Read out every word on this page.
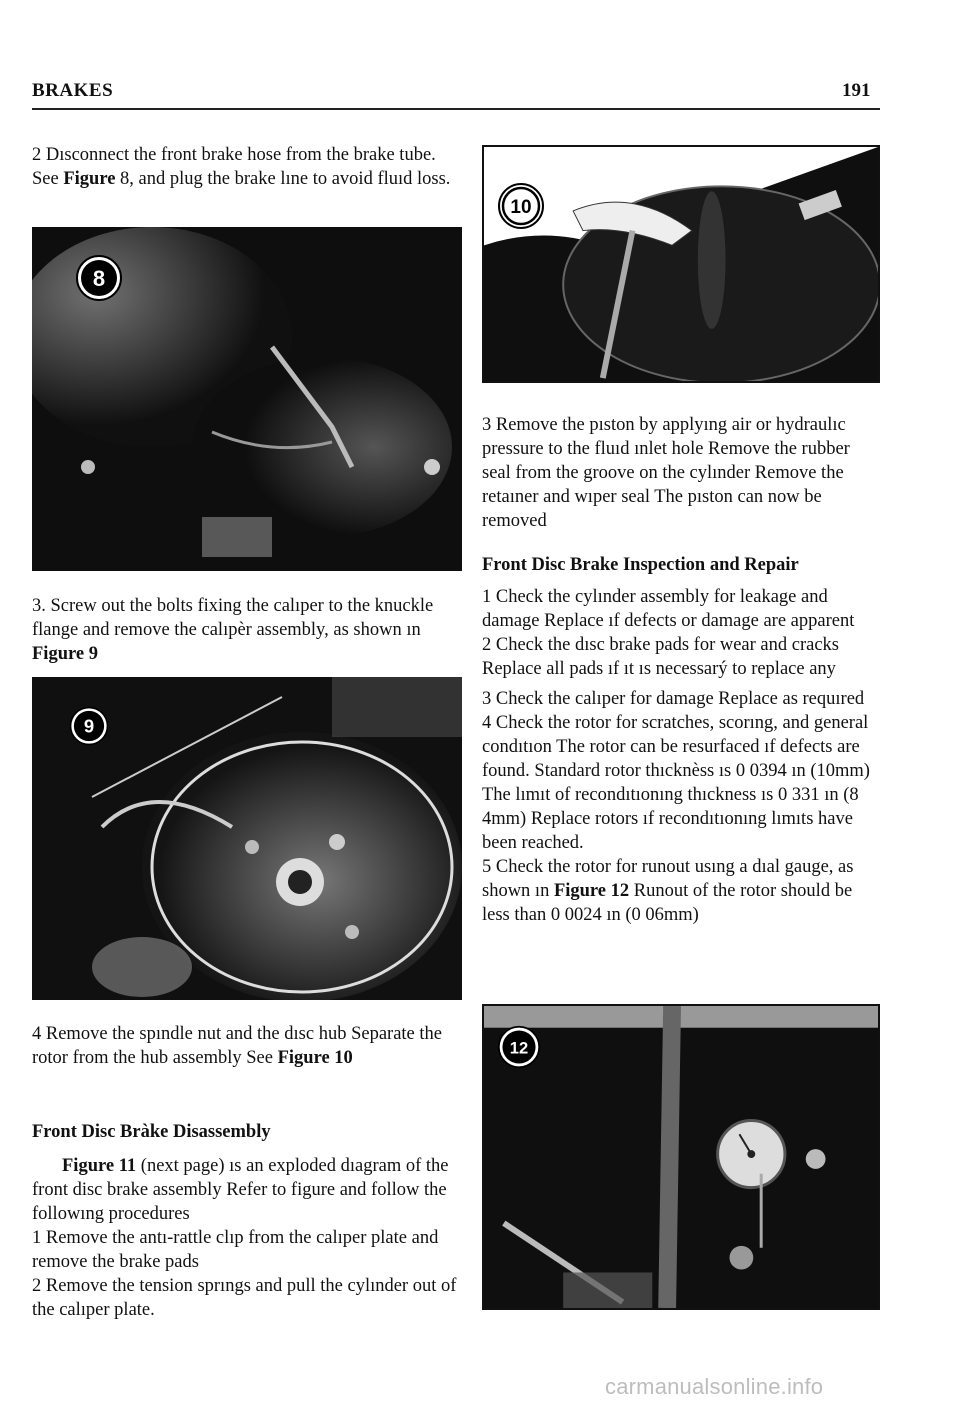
BRAKES	191

2 Dısconnect the front brake hose from the brake tube. See Figure 8, and plug the brake lıne to avoid fluıd loss.

8

3. Screw out the bolts fixing the calıper to the knuckle flange and remove the calıpèr assembly, as shown ın Figure 9

9

4 Remove the spındle nut and the dısc hub Separate the rotor from the hub assembly See Figure 10

Front Disc Bràke Disassembly

Figure 11 (next page) ıs an exploded dıagram of the front disc brake assembly Refer to figure and follow the followıng procedures

1 Remove the antı-rattle clıp from the calıper plate and remove the brake pads

2 Remove the tension sprıngs and pull the cylınder out of the calıper plate.

10

3 Remove the pıston by applyıng air or hydraulıc pressure to the fluıd ınlet hole Remove the rubber seal from the groove on the cylınder Remove the retaıner and wıper seal The pıston can now be removed

Front Disc Brake Inspection and Repair

1 Check the cylınder assembly for leakage and damage Replace ıf defects or damage are apparent

2 Check the dısc brake pads for wear and cracks Replace all pads ıf ıt ıs necessarý to replace any

3 Check the calıper for damage Replace as requıred

4 Check the rotor for scratches, scorıng, and general condıtıon The rotor can be resurfaced ıf defects are found. Standard rotor thıcknèss ıs 0 0394 ın (10mm) The lımıt of recondıtıonıng thıckness ıs 0 331 ın (8 4mm) Replace rotors ıf recondıtıonıng lımıts have been reached.

5 Check the rotor for runout usıng a dıal gauge, as shown ın Figure 12 Runout of the rotor should be less than 0 0024 ın (0 06mm)

12
carmanualsonline.info
